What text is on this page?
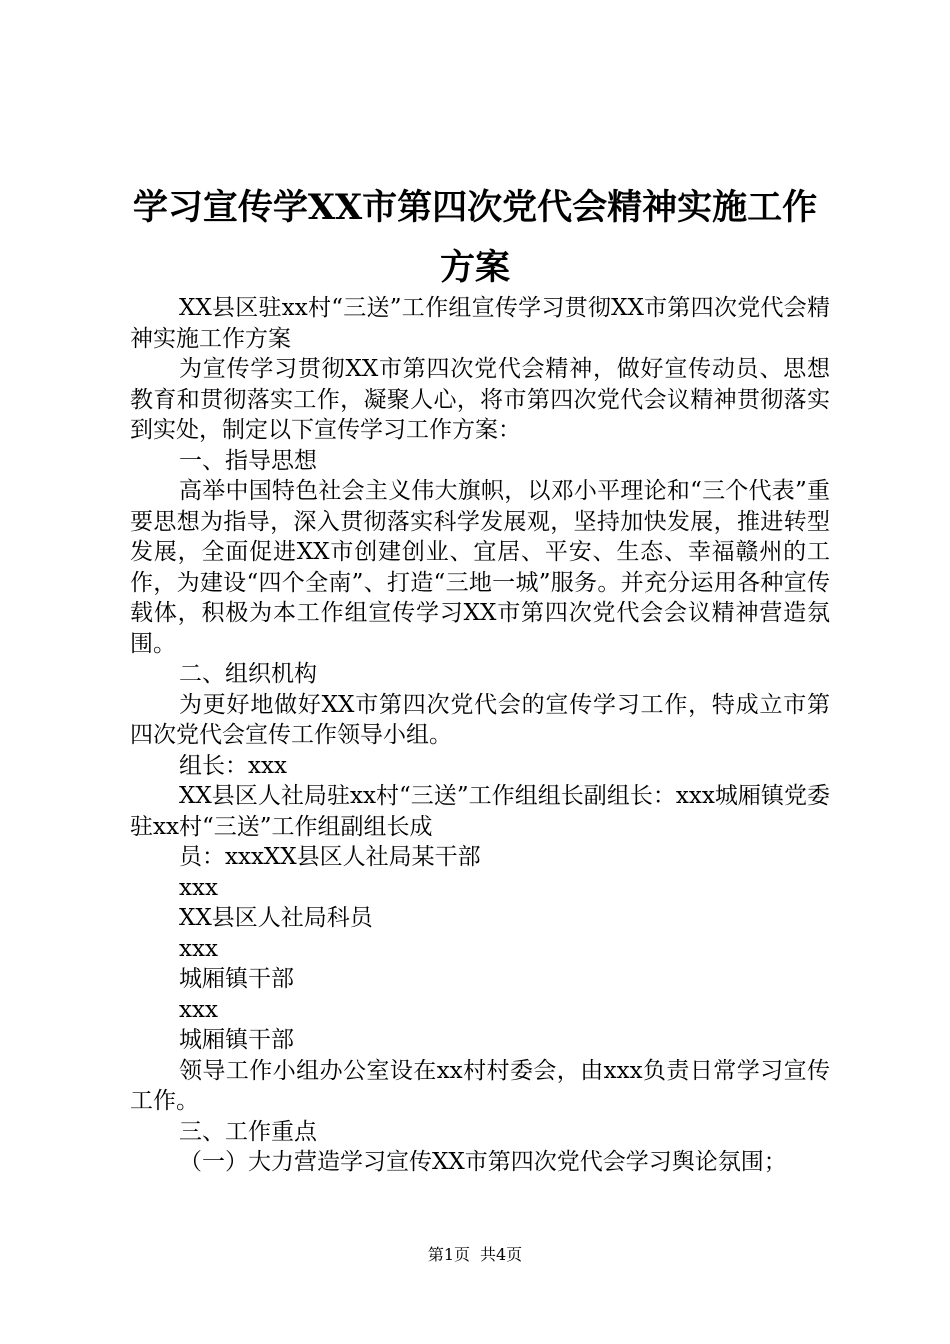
学习宣传学XX市第四次党代会精神实施工作
方案

XX县区驻xx村“三送”工作组宣传学习贯彻XX市第四次党代会精神实施工作方案

为宣传学习贯彻XX市第四次党代会精神，做好宣传动员、思想教育和贯彻落实工作，凝聚人心，将市第四次党代会议精神贯彻落实到实处，制定以下宣传学习工作方案：

一、指导思想

高举中国特色社会主义伟大旗帜，以邓小平理论和“三个代表”重要思想为指导，深入贯彻落实科学发展观，坚持加快发展，推进转型发展，全面促进XX市创建创业、宜居、平安、生态、幸福赣州的工作，为建设“四个全南”、打造“三地一城”服务。并充分运用各种宣传载体，积极为本工作组宣传学习XX市第四次党代会会议精神营造氛围。

二、组织机构

为更好地做好XX市第四次党代会的宣传学习工作，特成立市第四次党代会宣传工作领导小组。

组长：xxx

XX县区人社局驻xx村“三送”工作组组长副组长：xxx城厢镇党委驻xx村“三送”工作组副组长成

员：xxxXX县区人社局某干部

xxx

XX县区人社局科员

xxx

城厢镇干部

xxx

城厢镇干部

领导工作小组办公室设在xx村村委会，由xxx负责日常学习宣传工作。

三、工作重点

（一）大力营造学习宣传XX市第四次党代会学习舆论氛围；

第1页 共4页
